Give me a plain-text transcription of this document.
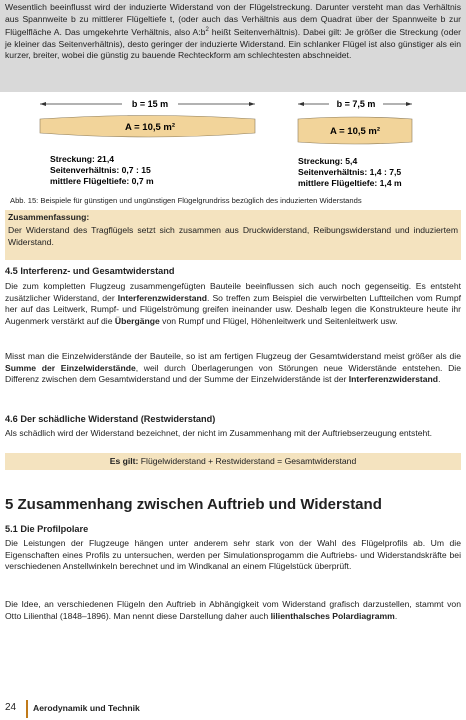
Wesentlich beeinflusst wird der induzierte Widerstand von der Flügelstreckung. Darunter versteht man das Verhältnis aus Spannweite b zu mittlerer Flügeltiefe t, (oder auch das Verhältnis aus dem Quadrat über der Spannweite b zur Flügelfläche A. Das umgekehrte Verhältnis, also $A:b^2$ heißt Seitenverhältnis). Dabei gilt: Je größer die Streckung (oder je kleiner das Seitenverhältnis), desto geringer der induzierte Widerstand. Ein schlanker Flügel ist also günstiger als ein kurzer, breiter, wobei die günstig zu bauende Rechteckform am schlechtesten abschneidet.

b = 15 m
A = 10,5 m²
Streckung: 21,4
Seitenverhältnis: 0,7 : 15
mittlere Flügeltiefe: 0,7 m
b = 7,5 m
A = 10,5 m²
Streckung: 5,4
Seitenverhältnis: 1,4 : 7,5
mittlere Flügeltiefe: 1,4 m
Abb. 15: Beispiele für günstigen und ungünstigen Flügelgrundriss bezüglich des induzierten Widerstands
Zusammenfassung:
Der Widerstand des Tragflügels setzt sich zusammen aus Druckwiderstand, Reibungswiderstand und induziertem Widerstand.
4.5 Interferenz- und Gesamtwiderstand

Die zum kompletten Flugzeug zusammengefügten Bauteile beeinflussen sich auch noch gegenseitig. Es entsteht zusätzlicher Widerstand, der Interferenzwiderstand. So treffen zum Beispiel die verwirbelten Luftteilchen vom Rumpf her auf das Leitwerk, Rumpf- und Flügelströmung greifen ineinander usw. Deshalb legen die Konstrukteure heute ihr Augenmerk verstärkt auf die Übergänge von Rumpf und Flügel, Höhenleitwerk und Seitenleitwerk usw.

Misst man die Einzelwiderstände der Bauteile, so ist am fertigen Flugzeug der Gesamtwiderstand meist größer als die Summe der Einzelwiderstände, weil durch Überlagerungen von Störungen neue Widerstände entstehen. Die Differenz zwischen dem Gesamtwiderstand und der Summe der Einzelwiderstände ist der Interferenzwiderstand.

4.6 Der schädliche Widerstand (Restwiderstand)

Als schädlich wird der Widerstand bezeichnet, der nicht im Zusammenhang mit der Auftriebserzeugung entsteht.

Es gilt: Flügelwiderstand + Restwiderstand = Gesamtwiderstand
5 Zusammenhang zwischen Auftrieb und Widerstand
5.1 Die Profilpolare

Die Leistungen der Flugzeuge hängen unter anderem sehr stark von der Wahl des Flügelprofils ab. Um die Eigenschaften eines Profils zu untersuchen, werden per Simulationsprogamm die Auftriebs- und Widerstandskräfte bei verschiedenen Anstellwinkeln berechnet und im Windkanal an einem Flügelstück überprüft.

Die Idee, an verschiedenen Flügeln den Auftrieb in Abhängigkeit vom Widerstand grafisch darzustellen, stammt von Otto Lilienthal (1848–1896). Man nennt diese Darstellung daher auch lilienthalsches Polardiagramm.

24 Aerodynamik und Technik
